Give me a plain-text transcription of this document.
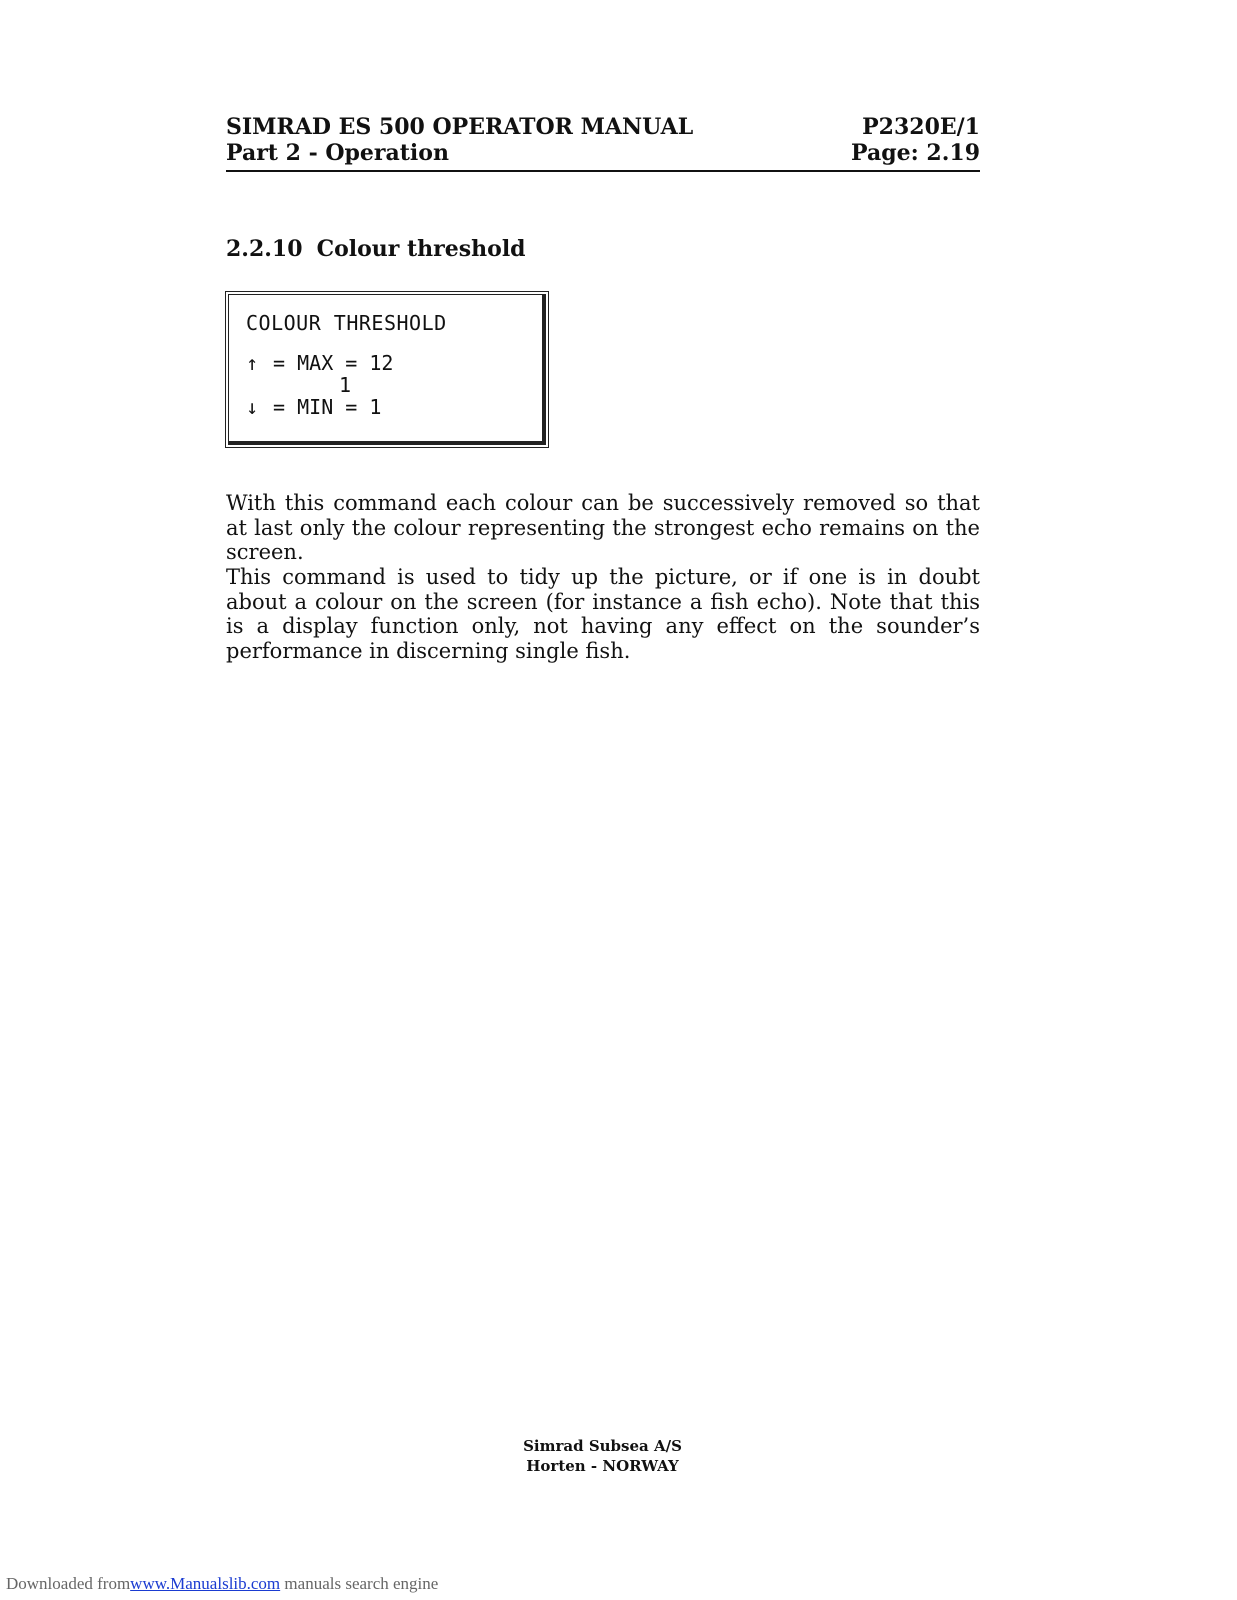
SIMRAD ES 500 OPERATOR MANUAL	P2320E/1
Part 2 - Operation	Page: 2.19
2.2.10 Colour threshold
COLOUR THRESHOLD
↑ = MAX = 12
1
↓ = MIN = 1
With this command each colour can be successively removed so that at last only the colour representing the strongest echo remains on the screen.
This command is used to tidy up the picture, or if one is in doubt about a colour on the screen (for instance a fish echo). Note that this is a display function only, not having any effect on the sounder’s performance in discerning single fish.
Simrad Subsea A/S
Horten - NORWAY
Downloaded fromwww.Manualslib.com manuals search engine
